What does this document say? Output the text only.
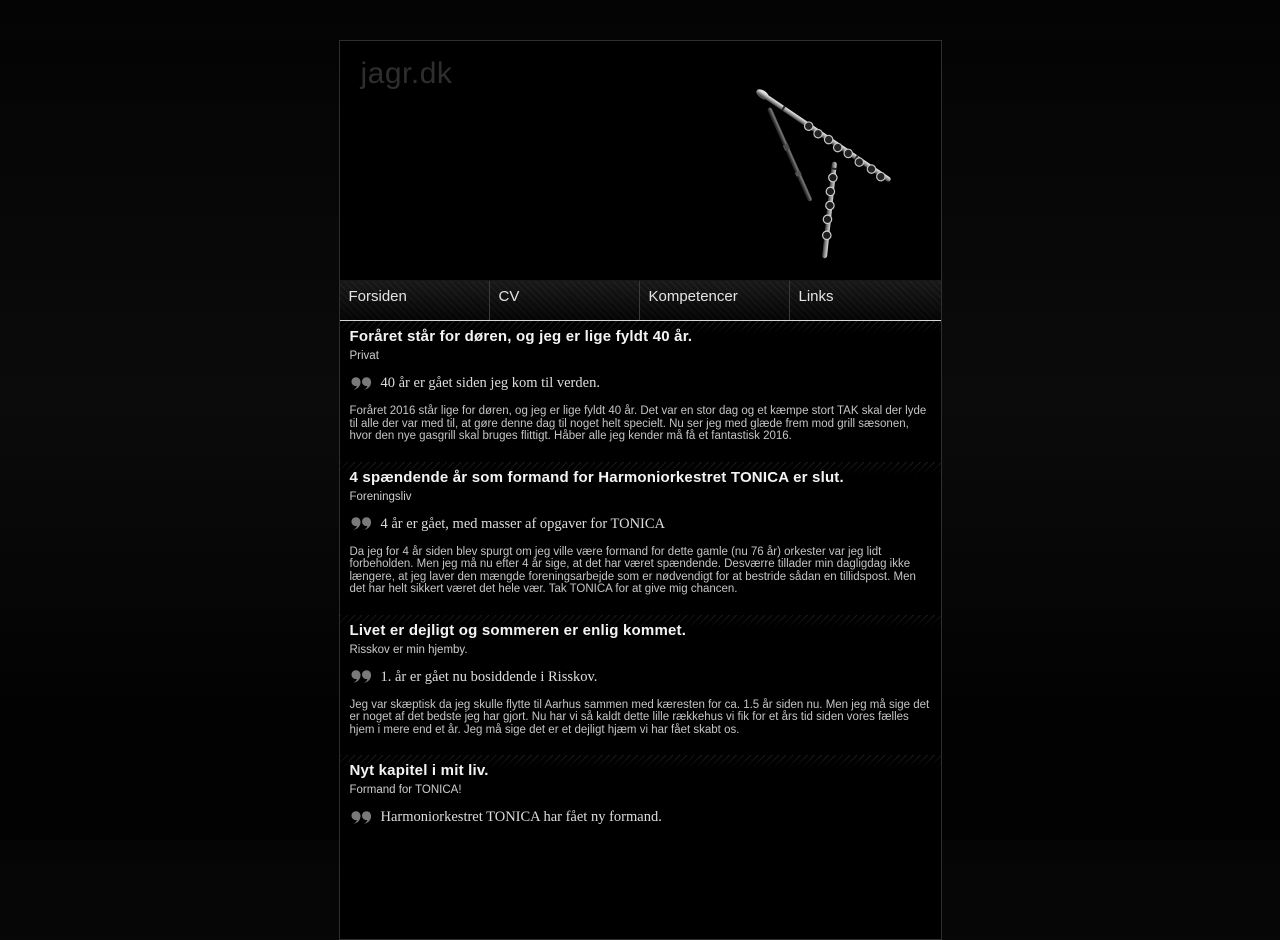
jagr.dk
Forsiden	CV	Kompetencer	Links
Foråret står for døren, og jeg er lige fyldt 40 år.
Privat
40 år er gået siden jeg kom til verden.
Foråret 2016 står lige for døren, og jeg er lige fyldt 40 år. Det var en stor dag og et kæmpe stort TAK skal der lyde til alle der var med til, at gøre denne dag til noget helt specielt. Nu ser jeg med glæde frem mod grill sæsonen, hvor den nye gasgrill skal bruges flittigt. Håber alle jeg kender må få et fantastisk 2016.
4 spændende år som formand for Harmoniorkestret TONICA er slut.
Foreningsliv
4 år er gået, med masser af opgaver for TONICA
Da jeg for 4 år siden blev spurgt om jeg ville være formand for dette gamle (nu 76 år) orkester var jeg lidt forbeholden. Men jeg må nu efter 4 år sige, at det har været spændende. Desværre tillader min dagligdag ikke længere, at jeg laver den mængde foreningsarbejde som er nødvendigt for at bestride sådan en tillidspost. Men det har helt sikkert været det hele vær. Tak TONICA for at give mig chancen.
Livet er dejligt og sommeren er enlig kommet.
Risskov er min hjemby.
1. år er gået nu bosiddende i Risskov.
Jeg var skæptisk da jeg skulle flytte til Aarhus sammen med kæresten for ca. 1.5 år siden nu. Men jeg må sige det er noget af det bedste jeg har gjort. Nu har vi så kaldt dette lille rækkehus vi fik for et års tid siden vores fælles hjem i mere end et år. Jeg må sige det er et dejligt hjæm vi har fået skabt os.
Nyt kapitel i mit liv.
Formand for TONICA!
Harmoniorkestret TONICA har fået ny formand.
